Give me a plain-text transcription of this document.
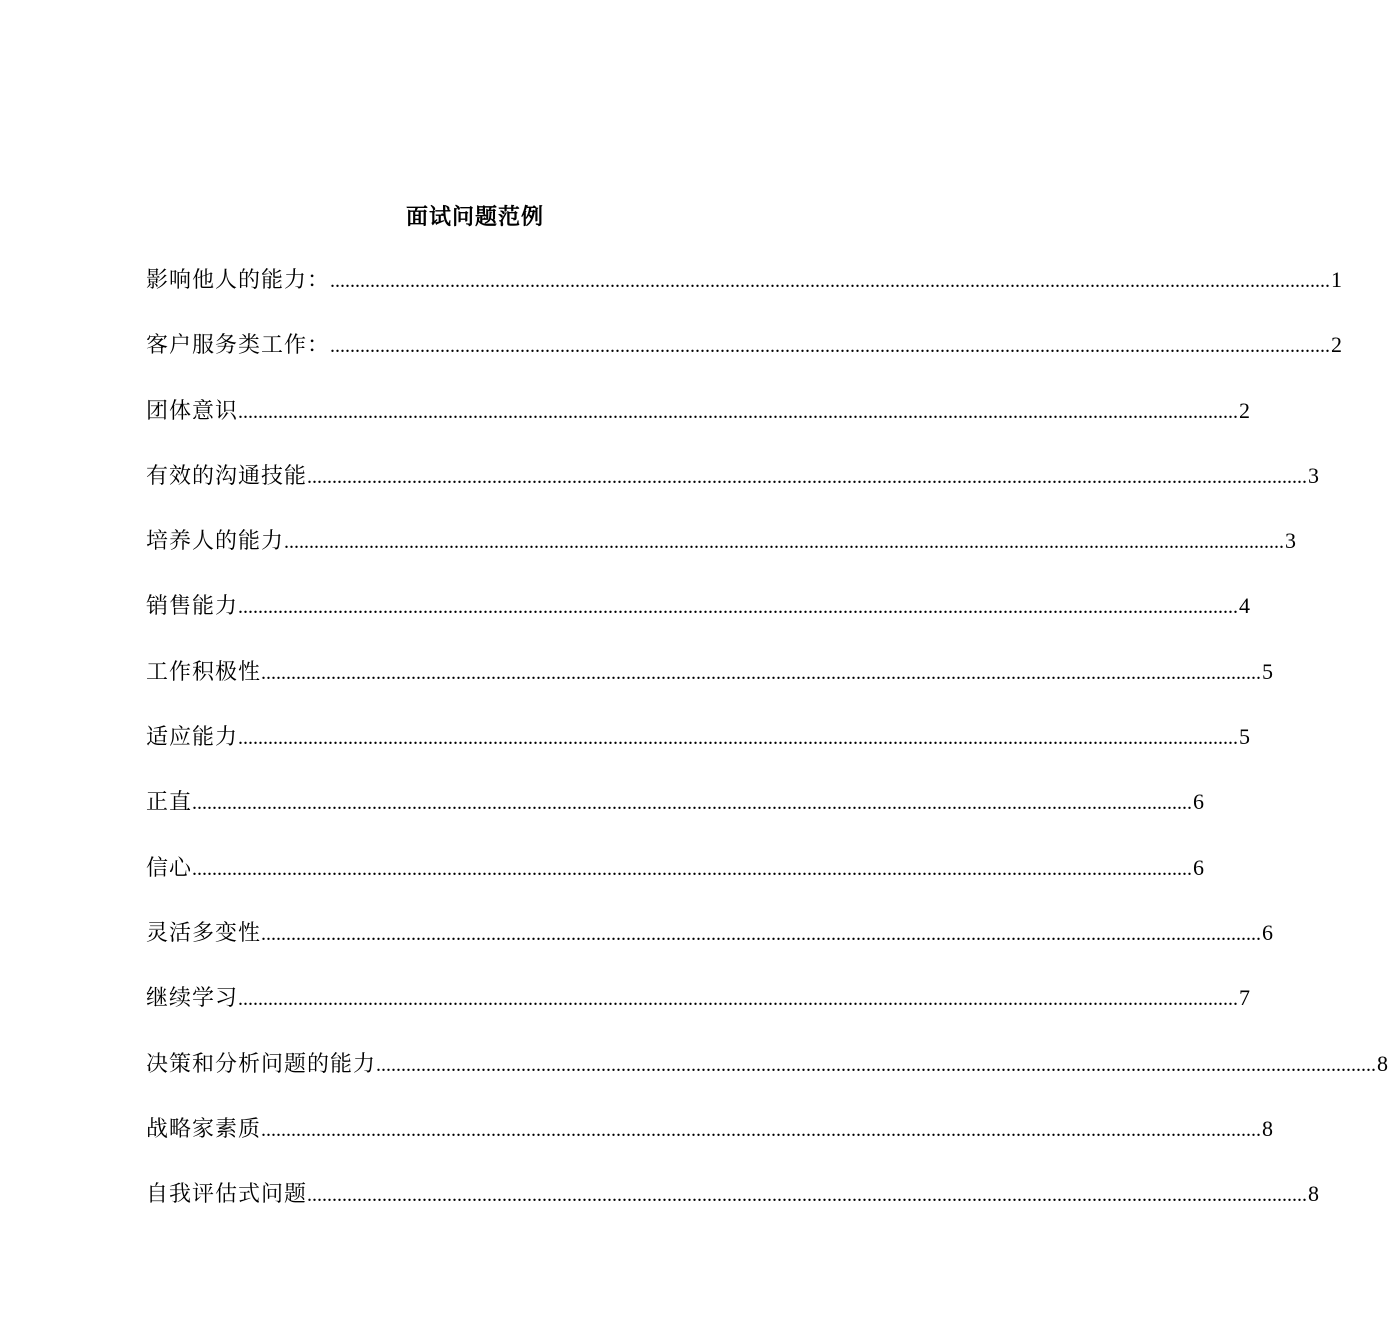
面试问题范例
影响他人的能力： ........................................................................................................................................................................................................ 1
客户服务类工作： ........................................................................................................................................................................................................ 2
团体意识 ........................................................................................................................................................................................................ 2
有效的沟通技能 ........................................................................................................................................................................................................ 3
培养人的能力 ........................................................................................................................................................................................................ 3
销售能力 ........................................................................................................................................................................................................ 4
工作积极性 ........................................................................................................................................................................................................ 5
适应能力 ........................................................................................................................................................................................................ 5
正直 ........................................................................................................................................................................................................ 6
信心 ........................................................................................................................................................................................................ 6
灵活多变性 ........................................................................................................................................................................................................ 6
继续学习 ........................................................................................................................................................................................................ 7
决策和分析问题的能力 ........................................................................................................................................................................................................ 8
战略家素质 ........................................................................................................................................................................................................ 8
自我评估式问题 ........................................................................................................................................................................................................ 8
